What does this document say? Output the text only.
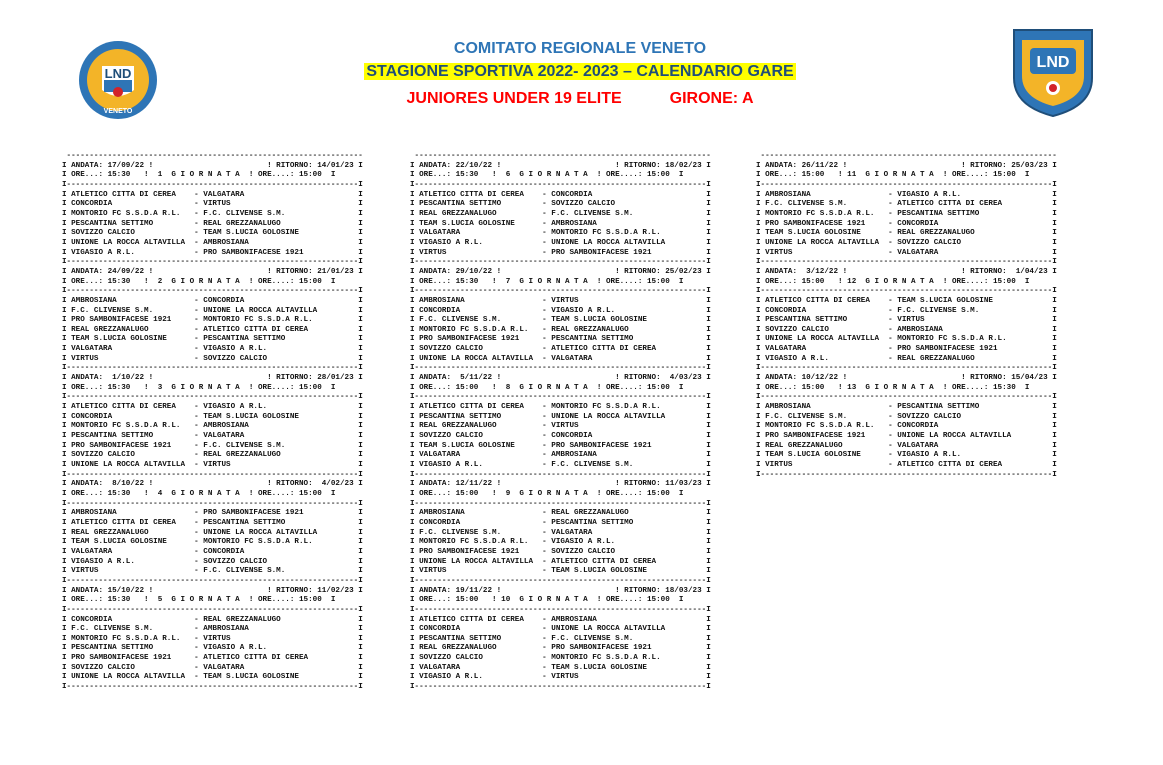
LND
VENETO
LND
COMITATO REGIONALE VENETO
STAGIONE SPORTIVA 2022- 2023 – CALENDARIO GARE
JUNIORES UNDER 19 ELITE	GIRONE: A
-----------------------------------------------------------------
I ANDATA: 17/09/22 !                         ! RITORNO: 14/01/23 I
I ORE...: 15:30   !  1  G I O R N A T A  ! ORE....: 15:00  I
I----------------------------------------------------------------I
I ATLETICO CITTA DI CEREA    - VALGATARA                         I
I CONCORDIA                  - VIRTUS                            I
I MONTORIO FC S.S.D.A R.L.   - F.C. CLIVENSE S.M.                I
I PESCANTINA SETTIMO         - REAL GREZZANALUGO                 I
I SOVIZZO CALCIO             - TEAM S.LUCIA GOLOSINE             I
I UNIONE LA ROCCA ALTAVILLA  - AMBROSIANA                        I
I VIGASIO A R.L.             - PRO SAMBONIFACESE 1921            I
I----------------------------------------------------------------I
I ANDATA: 24/09/22 !                         ! RITORNO: 21/01/23 I
I ORE...: 15:30   !  2  G I O R N A T A  ! ORE....: 15:00  I
I----------------------------------------------------------------I
I AMBROSIANA                 - CONCORDIA                         I
I F.C. CLIVENSE S.M.         - UNIONE LA ROCCA ALTAVILLA         I
I PRO SAMBONIFACESE 1921     - MONTORIO FC S.S.D.A R.L.          I
I REAL GREZZANALUGO          - ATLETICO CITTA DI CEREA           I
I TEAM S.LUCIA GOLOSINE      - PESCANTINA SETTIMO                I
I VALGATARA                  - VIGASIO A R.L.                    I
I VIRTUS                     - SOVIZZO CALCIO                    I
I----------------------------------------------------------------I
I ANDATA:  1/10/22 !                         ! RITORNO: 28/01/23 I
I ORE...: 15:30   !  3  G I O R N A T A  ! ORE....: 15:00  I
I----------------------------------------------------------------I
I ATLETICO CITTA DI CEREA    - VIGASIO A R.L.                    I
I CONCORDIA                  - TEAM S.LUCIA GOLOSINE             I
I MONTORIO FC S.S.D.A R.L.   - AMBROSIANA                        I
I PESCANTINA SETTIMO         - VALGATARA                         I
I PRO SAMBONIFACESE 1921     - F.C. CLIVENSE S.M.                I
I SOVIZZO CALCIO             - REAL GREZZANALUGO                 I
I UNIONE LA ROCCA ALTAVILLA  - VIRTUS                            I
I----------------------------------------------------------------I
I ANDATA:  8/10/22 !                         ! RITORNO:  4/02/23 I
I ORE...: 15:30   !  4  G I O R N A T A  ! ORE....: 15:00  I
I----------------------------------------------------------------I
I AMBROSIANA                 - PRO SAMBONIFACESE 1921            I
I ATLETICO CITTA DI CEREA    - PESCANTINA SETTIMO                I
I REAL GREZZANALUGO          - UNIONE LA ROCCA ALTAVILLA         I
I TEAM S.LUCIA GOLOSINE      - MONTORIO FC S.S.D.A R.L.          I
I VALGATARA                  - CONCORDIA                         I
I VIGASIO A R.L.             - SOVIZZO CALCIO                    I
I VIRTUS                     - F.C. CLIVENSE S.M.                I
I----------------------------------------------------------------I
I ANDATA: 15/10/22 !                         ! RITORNO: 11/02/23 I
I ORE...: 15:30   !  5  G I O R N A T A  ! ORE....: 15:00  I
I----------------------------------------------------------------I
I CONCORDIA                  - REAL GREZZANALUGO                 I
I F.C. CLIVENSE S.M.         - AMBROSIANA                        I
I MONTORIO FC S.S.D.A R.L.   - VIRTUS                            I
I PESCANTINA SETTIMO         - VIGASIO A R.L.                    I
I PRO SAMBONIFACESE 1921     - ATLETICO CITTA DI CEREA           I
I SOVIZZO CALCIO             - VALGATARA                         I
I UNIONE LA ROCCA ALTAVILLA  - TEAM S.LUCIA GOLOSINE             I
I----------------------------------------------------------------I
-----------------------------------------------------------------
I ANDATA: 22/10/22 !                         ! RITORNO: 18/02/23 I
I ORE...: 15:30   !  6  G I O R N A T A  ! ORE....: 15:00  I
I----------------------------------------------------------------I
I ATLETICO CITTA DI CEREA    - CONCORDIA                         I
I PESCANTINA SETTIMO         - SOVIZZO CALCIO                    I
I REAL GREZZANALUGO          - F.C. CLIVENSE S.M.                I
I TEAM S.LUCIA GOLOSINE      - AMBROSIANA                        I
I VALGATARA                  - MONTORIO FC S.S.D.A R.L.          I
I VIGASIO A R.L.             - UNIONE LA ROCCA ALTAVILLA         I
I VIRTUS                     - PRO SAMBONIFACESE 1921            I
I----------------------------------------------------------------I
I ANDATA: 29/10/22 !                         ! RITORNO: 25/02/23 I
I ORE...: 15:30   !  7  G I O R N A T A  ! ORE....: 15:00  I
I----------------------------------------------------------------I
I AMBROSIANA                 - VIRTUS                            I
I CONCORDIA                  - VIGASIO A R.L.                    I
I F.C. CLIVENSE S.M.         - TEAM S.LUCIA GOLOSINE             I
I MONTORIO FC S.S.D.A R.L.   - REAL GREZZANALUGO                 I
I PRO SAMBONIFACESE 1921     - PESCANTINA SETTIMO                I
I SOVIZZO CALCIO             - ATLETICO CITTA DI CEREA           I
I UNIONE LA ROCCA ALTAVILLA  - VALGATARA                         I
I----------------------------------------------------------------I
I ANDATA:  5/11/22 !                         ! RITORNO:  4/03/23 I
I ORE...: 15:00   !  8  G I O R N A T A  ! ORE....: 15:00  I
I----------------------------------------------------------------I
I ATLETICO CITTA DI CEREA    - MONTORIO FC S.S.D.A R.L.          I
I PESCANTINA SETTIMO         - UNIONE LA ROCCA ALTAVILLA         I
I REAL GREZZANALUGO          - VIRTUS                            I
I SOVIZZO CALCIO             - CONCORDIA                         I
I TEAM S.LUCIA GOLOSINE      - PRO SAMBONIFACESE 1921            I
I VALGATARA                  - AMBROSIANA                        I
I VIGASIO A R.L.             - F.C. CLIVENSE S.M.                I
I----------------------------------------------------------------I
I ANDATA: 12/11/22 !                         ! RITORNO: 11/03/23 I
I ORE...: 15:00   !  9  G I O R N A T A  ! ORE....: 15:00  I
I----------------------------------------------------------------I
I AMBROSIANA                 - REAL GREZZANALUGO                 I
I CONCORDIA                  - PESCANTINA SETTIMO                I
I F.C. CLIVENSE S.M.         - VALGATARA                         I
I MONTORIO FC S.S.D.A R.L.   - VIGASIO A R.L.                    I
I PRO SAMBONIFACESE 1921     - SOVIZZO CALCIO                    I
I UNIONE LA ROCCA ALTAVILLA  - ATLETICO CITTA DI CEREA           I
I VIRTUS                     - TEAM S.LUCIA GOLOSINE             I
I----------------------------------------------------------------I
I ANDATA: 19/11/22 !                         ! RITORNO: 18/03/23 I
I ORE...: 15:00   ! 10  G I O R N A T A  ! ORE....: 15:00  I
I----------------------------------------------------------------I
I ATLETICO CITTA DI CEREA    - AMBROSIANA                        I
I CONCORDIA                  - UNIONE LA ROCCA ALTAVILLA         I
I PESCANTINA SETTIMO         - F.C. CLIVENSE S.M.                I
I REAL GREZZANALUGO          - PRO SAMBONIFACESE 1921            I
I SOVIZZO CALCIO             - MONTORIO FC S.S.D.A R.L.          I
I VALGATARA                  - TEAM S.LUCIA GOLOSINE             I
I VIGASIO A R.L.             - VIRTUS                            I
I----------------------------------------------------------------I
-----------------------------------------------------------------
I ANDATA: 26/11/22 !                         ! RITORNO: 25/03/23 I
I ORE...: 15:00   ! 11  G I O R N A T A  ! ORE....: 15:00  I
I----------------------------------------------------------------I
I AMBROSIANA                 - VIGASIO A R.L.                    I
I F.C. CLIVENSE S.M.         - ATLETICO CITTA DI CEREA           I
I MONTORIO FC S.S.D.A R.L.   - PESCANTINA SETTIMO                I
I PRO SAMBONIFACESE 1921     - CONCORDIA                         I
I TEAM S.LUCIA GOLOSINE      - REAL GREZZANALUGO                 I
I UNIONE LA ROCCA ALTAVILLA  - SOVIZZO CALCIO                    I
I VIRTUS                     - VALGATARA                         I
I----------------------------------------------------------------I
I ANDATA:  3/12/22 !                         ! RITORNO:  1/04/23 I
I ORE...: 15:00   ! 12  G I O R N A T A  ! ORE....: 15:00  I
I----------------------------------------------------------------I
I ATLETICO CITTA DI CEREA    - TEAM S.LUCIA GOLOSINE             I
I CONCORDIA                  - F.C. CLIVENSE S.M.                I
I PESCANTINA SETTIMO         - VIRTUS                            I
I SOVIZZO CALCIO             - AMBROSIANA                        I
I UNIONE LA ROCCA ALTAVILLA  - MONTORIO FC S.S.D.A R.L.          I
I VALGATARA                  - PRO SAMBONIFACESE 1921            I
I VIGASIO A R.L.             - REAL GREZZANALUGO                 I
I----------------------------------------------------------------I
I ANDATA: 10/12/22 !                         ! RITORNO: 15/04/23 I
I ORE...: 15:00   ! 13  G I O R N A T A  ! ORE....: 15:30  I
I----------------------------------------------------------------I
I AMBROSIANA                 - PESCANTINA SETTIMO                I
I F.C. CLIVENSE S.M.         - SOVIZZO CALCIO                    I
I MONTORIO FC S.S.D.A R.L.   - CONCORDIA                         I
I PRO SAMBONIFACESE 1921     - UNIONE LA ROCCA ALTAVILLA         I
I REAL GREZZANALUGO          - VALGATARA                         I
I TEAM S.LUCIA GOLOSINE      - VIGASIO A R.L.                    I
I VIRTUS                     - ATLETICO CITTA DI CEREA           I
I----------------------------------------------------------------I
